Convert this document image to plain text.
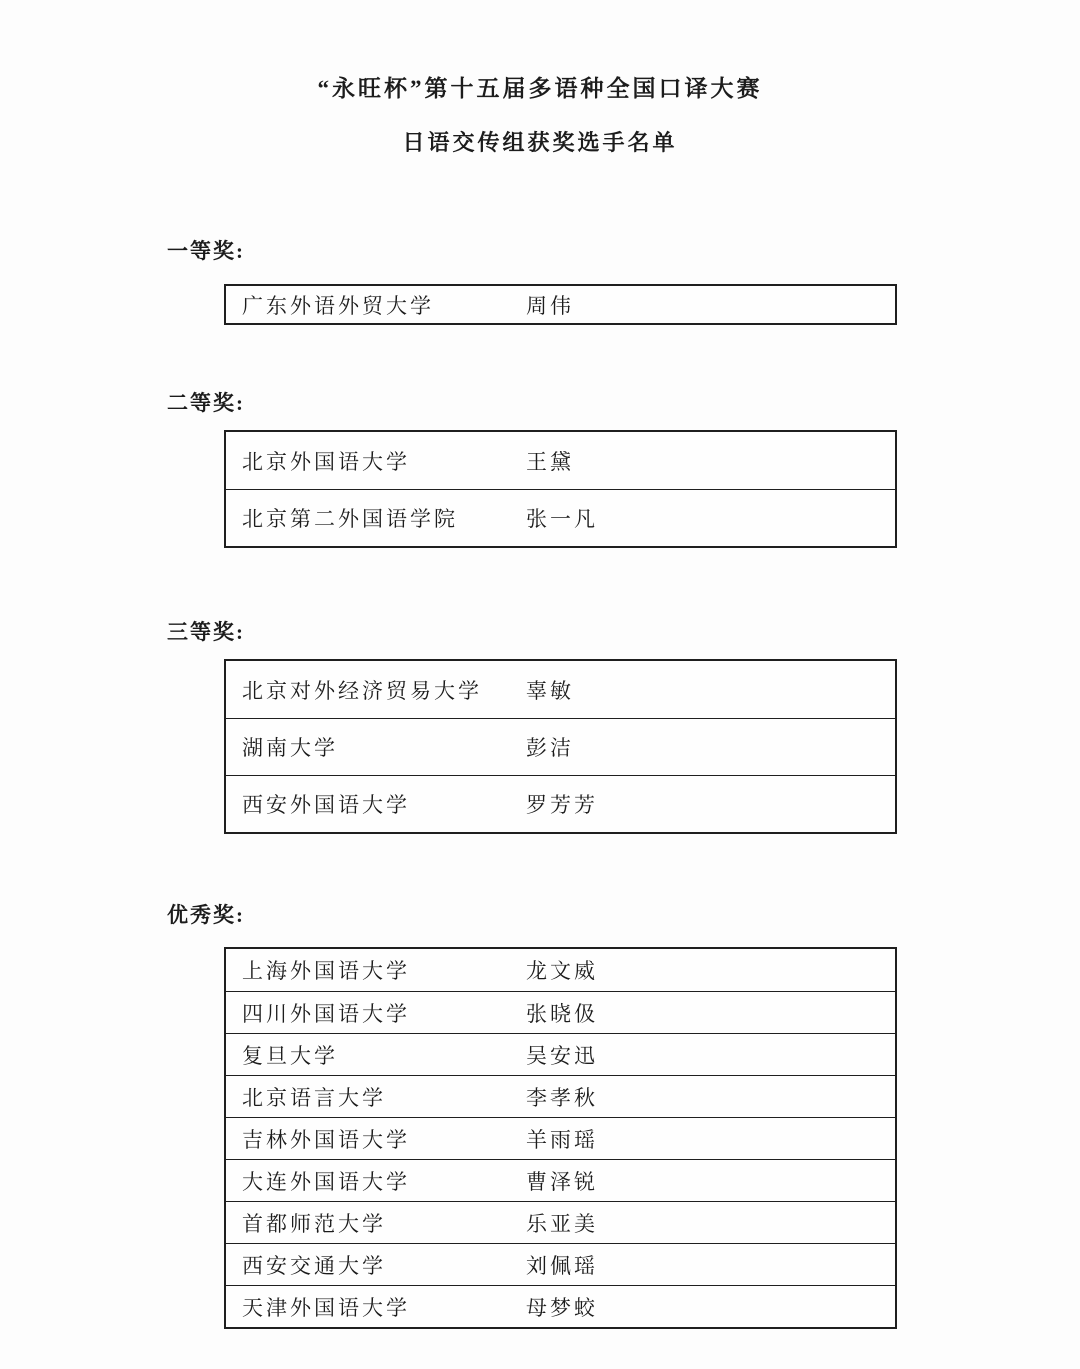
“永旺杯”第十五届多语种全国口译大赛
日语交传组获奖选手名单
一等奖:
广东外语外贸大学	周伟
二等奖:
北京外国语大学	王黛
北京第二外国语学院	张一凡
三等奖:
北京对外经济贸易大学	辜敏
湖南大学	彭洁
西安外国语大学	罗芳芳
优秀奖:
上海外国语大学	龙文威
四川外国语大学	张晓伋
复旦大学	吴安迅
北京语言大学	李孝秋
吉林外国语大学	羊雨瑶
大连外国语大学	曹泽锐
首都师范大学	乐亚美
西安交通大学	刘佩瑶
天津外国语大学	母梦蛟
